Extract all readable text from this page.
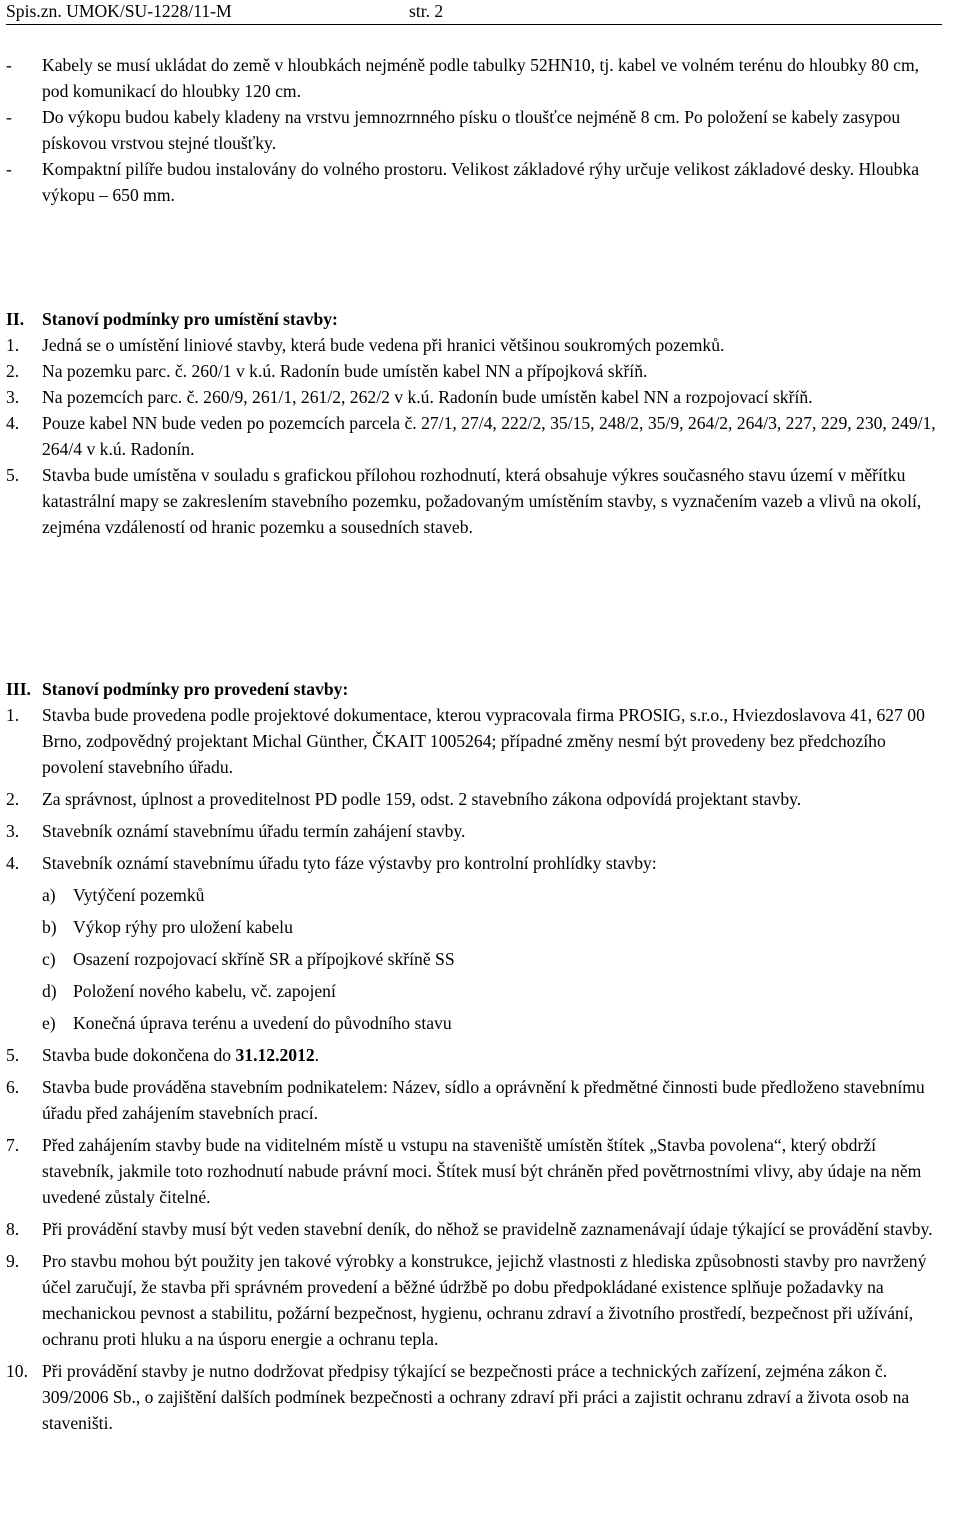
Spis.zn. UMOK/SU-1228/11-M	str. 2
- Kabely se musí ukládat do země v hloubkách nejméně podle tabulky 52HN10, tj. kabel ve volném terénu do hloubky 80 cm, pod komunikací do hloubky 120 cm.
- Do výkopu budou kabely kladeny na vrstvu jemnozrnného písku o tloušťce nejméně 8 cm. Po položení se kabely zasypou pískovou vrstvou stejné tloušťky.
- Kompaktní pilíře budou instalovány do volného prostoru. Velikost základové rýhy určuje velikost základové desky. Hloubka výkopu – 650 mm.
II. Stanoví podmínky pro umístění stavby:
1. Jedná se o umístění liniové stavby, která bude vedena při hranici většinou soukromých pozemků.
2. Na pozemku parc. č. 260/1 v k.ú. Radonín bude umístěn kabel NN a přípojková skříň.
3. Na pozemcích parc. č. 260/9, 261/1, 261/2, 262/2 v k.ú. Radonín bude umístěn kabel NN a rozpojovací skříň.
4. Pouze kabel NN bude veden po pozemcích parcela č. 27/1, 27/4, 222/2, 35/15, 248/2, 35/9, 264/2, 264/3, 227, 229, 230, 249/1, 264/4 v k.ú. Radonín.
5. Stavba bude umístěna v souladu s grafickou přílohou rozhodnutí, která obsahuje výkres současného stavu území v měřítku katastrální mapy se zakreslením stavebního pozemku, požadovaným umístěním stavby, s vyznačením vazeb a vlivů na okolí, zejména vzdáleností od hranic pozemku a sousedních staveb.
III. Stanoví podmínky pro provedení stavby:
1. Stavba bude provedena podle projektové dokumentace, kterou vypracovala firma PROSIG, s.r.o., Hviezdoslavova 41, 627 00 Brno, zodpovědný projektant Michal Günther, ČKAIT 1005264; případné změny nesmí být provedeny bez předchozího povolení stavebního úřadu.
2. Za správnost, úplnost a proveditelnost PD podle 159, odst. 2 stavebního zákona odpovídá projektant stavby.
3. Stavebník oznámí stavebnímu úřadu termín zahájení stavby.
4. Stavebník oznámí stavebnímu úřadu tyto fáze výstavby pro kontrolní prohlídky stavby:
a) Vytýčení pozemků
b) Výkop rýhy pro uložení kabelu
c) Osazení rozpojovací skříně SR a přípojkové skříně SS
d) Položení nového kabelu, vč. zapojení
e) Konečná úprava terénu a uvedení do původního stavu
5. Stavba bude dokončena do 31.12.2012.
6. Stavba bude prováděna stavebním podnikatelem: Název, sídlo a oprávnění k předmětné činnosti bude předloženo stavebnímu úřadu před zahájením stavebních prací.
7. Před zahájením stavby bude na viditelném místě u vstupu na staveniště umístěn štítek „Stavba povolena“, který obdrží stavebník, jakmile toto rozhodnutí nabude právní moci. Štítek musí být chráněn před povětrnostními vlivy, aby údaje na něm uvedené zůstaly čitelné.
8. Při provádění stavby musí být veden stavební deník, do něhož se pravidelně zaznamenávají údaje týkající se provádění stavby.
9. Pro stavbu mohou být použity jen takové výrobky a konstrukce, jejichž vlastnosti z hlediska způsobnosti stavby pro navržený účel zaručují, že stavba při správném provedení a běžné údržbě po dobu předpokládané existence splňuje požadavky na mechanickou pevnost a stabilitu, požární bezpečnost, hygienu, ochranu zdraví a životního prostředí, bezpečnost při užívání, ochranu proti hluku a na úsporu energie a ochranu tepla.
10. Při provádění stavby je nutno dodržovat předpisy týkající se bezpečnosti práce a technických zařízení, zejména zákon č. 309/2006 Sb., o zajištění dalších podmínek bezpečnosti a ochrany zdraví při práci a zajistit ochranu zdraví a života osob na staveništi.
